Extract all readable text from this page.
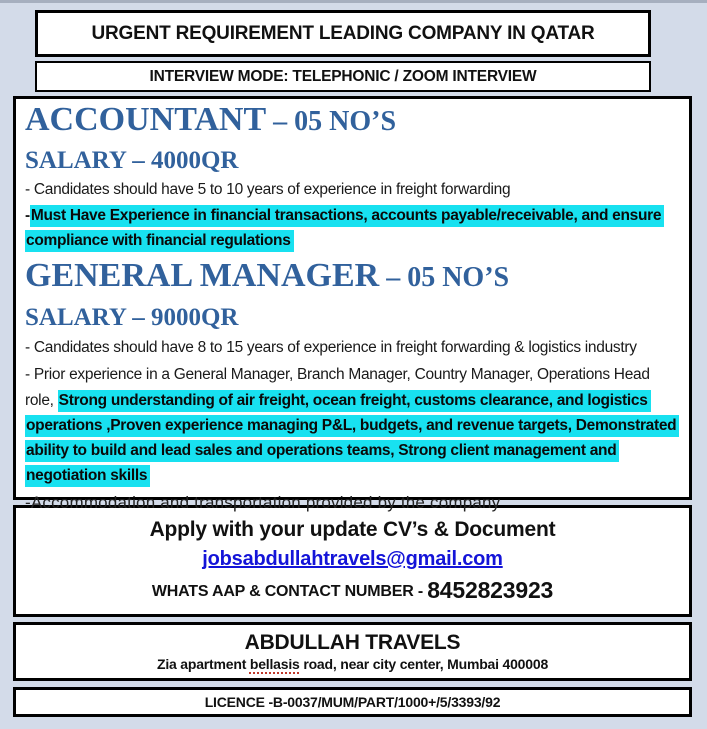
URGENT REQUIREMENT LEADING COMPANY IN QATAR
INTERVIEW MODE: TELEPHONIC / ZOOM INTERVIEW
ACCOUNTANT – 05 NO’S
SALARY – 4000QR
- Candidates should have 5 to 10 years of experience in freight forwarding
-Must Have Experience in financial transactions, accounts payable/receivable, and ensure
compliance with financial regulations
GENERAL MANAGER – 05 NO’S
SALARY – 9000QR
- Candidates should have 8 to 15 years of experience in freight forwarding & logistics industry
- Prior experience in a General Manager, Branch Manager, Country Manager, Operations Head
role, Strong understanding of air freight, ocean freight, customs clearance, and logistics
operations ,Proven experience managing P&L, budgets, and revenue targets, Demonstrated
ability to build and lead sales and operations teams, Strong client management and
negotiation skills
-Accommodation and transportation provided by the company
Apply with your update CV’s & Document
jobsabdullahtravels@gmail.com
WHATS AAP & CONTACT NUMBER - 8452823923
ABDULLAH TRAVELS
Zia apartment bellasis road, near city center, Mumbai 400008
LICENCE -B-0037/MUM/PART/1000+/5/3393/92
